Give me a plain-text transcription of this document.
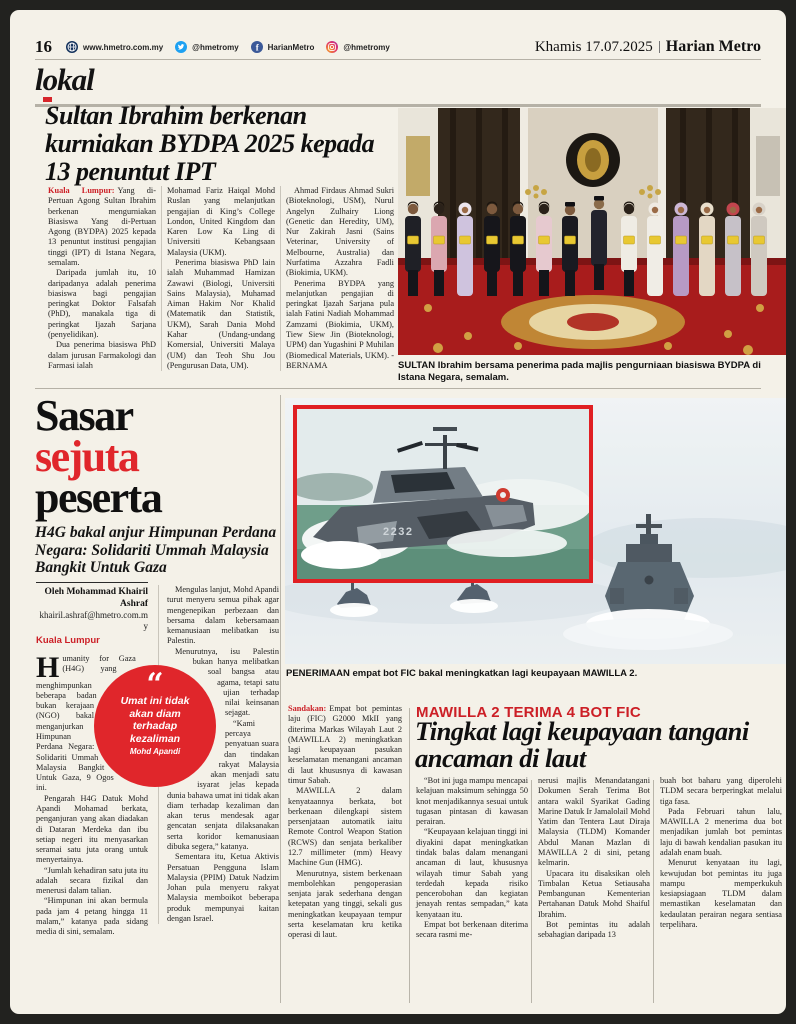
16	www.hmetro.com.my	@hmetromy f HarianMetro	@hmetromy	Khamis 17.07.2025 Harian Metro
lokal
Sultan Ibrahim berkenan kurniakan BYDPA 2025 kepada 13 penuntut IPT

Kuala Lumpur: Yang di-Pertuan Agong Sultan Ibrahim berkenan mengurniakan Biasiswa Yang di-Pertuan Agong (BYDPA) 2025 kepada 13 penuntut institusi pengajian tinggi (IPT) di Istana Negara, semalam.

Daripada jumlah itu, 10 daripadanya adalah penerima biasiswa bagi pengajian peringkat Doktor Falsafah (PhD), manakala tiga di peringkat Ijazah Sarjana (penyelidikan).

Dua penerima biasiswa PhD dalam jurusan Farmakologi dan Farmasi ialah

Mohamad Fariz Haiqal Mohd Ruslan yang melanjutkan pengajian di King’s College London, United Kingdom dan Karen Low Ka Ling di Universiti Kebangsaan Malaysia (UKM).

Penerima biasiswa PhD lain ialah Muhammad Hamizan Zawawi (Biologi, Universiti Sains Malaysia), Muhamad Aiman Hakim Nor Khalid (Matematik dan Statistik, UKM), Sarah Dania Mohd Kahar (Undang-undang Komersial, Universiti Malaya (UM) dan Teoh Shu Jou (Pengurusan Data, UM).

Ahmad Firdaus Ahmad Sukri (Bioteknologi, USM), Nurul Angelyn Zulhairy Liong (Genetic dan Heredity, UM), Nur Zakirah Jasni (Sains Veterinar, University of Melbourne, Australia) dan Nurfatima Azzahra Fadli (Biokimia, UKM).

Penerima BYDPA yang melanjutkan pengajian di peringkat Ijazah Sarjana pula ialah Fatini Nadiah Mohammad Zamzami (Biokimia, UKM), Tiew Siew Jin (Bioteknologi, UPM) dan Yugashini P Muhilan (Biomedical Materials, UKM). - BERNAMA	SULTAN Ibrahim bersama penerima pada majlis pengurniaan biasiswa BYDPA di Istana Negara, semalam.
Sasar
sejuta
peserta
H4G bakal anjur Himpunan Perdana Negara: Solidariti Ummah Malaysia Bangkit Untuk Gaza
Oleh Mohammad Khairil Ashraf
khairil.ashraf@hmetro.com.my
Kuala Lumpur

Humanity for Gaza (H4G) yang menghimpunkan beberapa badan bukan kerajaan (NGO) bakal menganjurkan Himpunan Perdana Negara: Solidariti Ummah Malaysia Bangkit Untuk Gaza, 9 Ogos ini.

Pengarah H4G Datuk Mohd Apandi Mohamad berkata, penganjuran yang akan diadakan di Dataran Merdeka dan ibu setiap negeri itu menyasarkan seramai satu juta orang untuk menyertainya.

“Jumlah kehadiran satu juta itu adalah secara fizikal dan menerusi dalam talian.

“Himpunan ini akan bermula pada jam 4 petang hingga 11 malam,” katanya pada sidang media di sini, semalam.

Mengulas lanjut, Mohd Apandi turut menyeru semua pihak agar mengenepikan perbezaan dan bersama dalam kebersamaan kemanusiaan melibatkan isu Palestin.

Menurutnya, isu Palestin bukan hanya melibatkan soal bangsa atau agama, tetapi satu ujian terhadap nilai keinsanan sejagat.

“Kami percaya penyatuan suara dan tindakan rakyat Malaysia akan menjadi satu isyarat jelas kepada dunia bahawa umat ini tidak akan diam terhadap kezaliman dan akan terus mendesak agar gencatan senjata dilaksanakan serta koridor kemanusiaan dibuka segera,” katanya.

Sementara itu, Ketua Aktivis Persatuan Pengguna Islam Malaysia (PPIM) Datuk Nadzim Johan pula menyeru rakyat Malaysia memboikot beberapa produk mempunyai kaitan dengan Israel.

“
Umat ini tidak akan diam terhadap kezaliman
Mohd Apandi
2232
PENERIMAAN empat bot FIC bakal meningkatkan lagi keupayaan MAWILLA 2.

Sandakan: Empat bot pemintas laju (FIC) G2000 MkII yang diterima Markas Wilayah Laut 2 (MAWILLA 2) meningkatkan lagi keupayaan pasukan keselamatan menangani ancaman di laut khususnya di kawasan timur Sabah.

MAWILLA 2 dalam kenyataannya berkata, bot berkenaan dilengkapi sistem persenjataan automatik iaitu Remote Control Weapon Station (RCWS) dan senjata berkaliber 12.7 millimeter (mm) Heavy Machine Gun (HMG).

Menurutnya, sistem berkenaan membolehkan pengoperasian senjata jarak sederhana dengan ketepatan yang tinggi, sekali gus meningkatkan keupayaan tempur serta keselamatan kru ketika operasi di laut.

MAWILLA 2 TERIMA 4 BOT FIC
Tingkat lagi keupayaan tangani ancaman di laut

“Bot ini juga mampu mencapai kelajuan maksimum sehingga 50 knot menjadikannya sesuai untuk tugasan pintasan di kawasan perairan.

“Keupayaan kelajuan tinggi ini diyakini dapat meningkatkan tindak balas dalam menangani ancaman di laut, khususnya wilayah timur Sabah yang terdedah kepada risiko pencerobohan dan kegiatan jenayah rentas sempadan,” kata kenyataan itu.

Empat bot berkenaan diterima secara rasmi me-

nerusi majlis Menandatangani Dokumen Serah Terima Bot antara wakil Syarikat Gading Marine Datuk Ir Jamalolail Mohd Yatim dan Tentera Laut Diraja Malaysia (TLDM) Komander Abdul Manan Mazlan di MAWILLA 2 di sini, petang kelmarin.

Upacara itu disaksikan oleh Timbalan Ketua Setiausaha Pembangunan Kementerian Pertahanan Datuk Mohd Shaiful Ibrahim.

Bot pemintas itu adalah sebahagian daripada 13

buah bot baharu yang diperolehi TLDM secara berperingkat melalui tiga fasa.

Pada Februari tahun lalu, MAWILLA 2 menerima dua bot menjadikan jumlah bot pemintas laju di bawah kendalian pasukan itu adalah enam buah.

Menurut kenyataan itu lagi, kewujudan bot pemintas itu juga mampu memperkukuh kesiapsiagaan TLDM dalam memastikan keselamatan dan kedaulatan perairan negara sentiasa terpelihara.
